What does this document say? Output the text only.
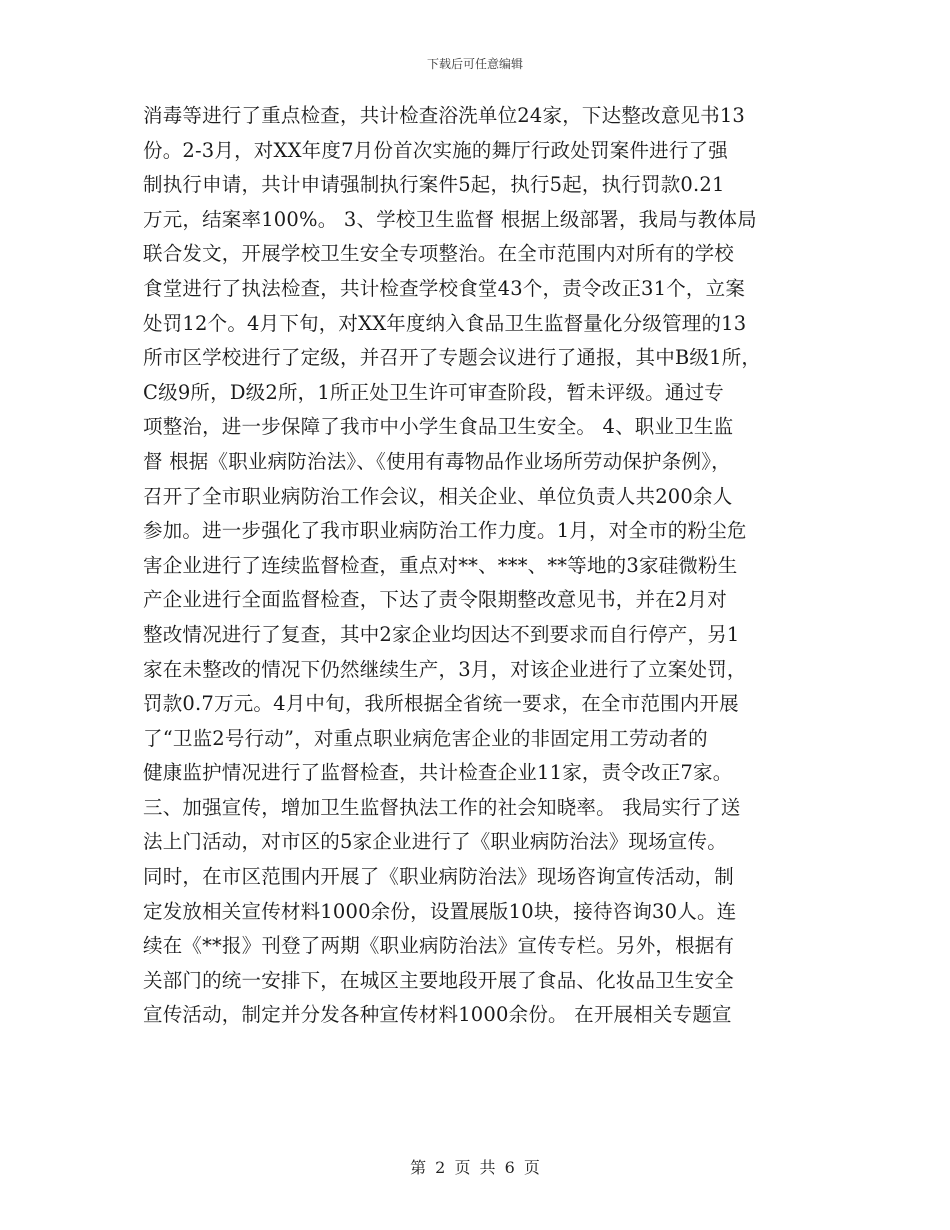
下载后可任意编辑
消毒等进行了重点检查，共计检查浴洗单位24家，下达整改意见书13
份。2-3月，对XX年度7月份首次实施的舞厅行政处罚案件进行了强
制执行申请，共计申请强制执行案件5起，执行5起，执行罚款0.21
万元，结案率100%。 3、学校卫生监督 根据上级部署，我局与教体局
联合发文，开展学校卫生安全专项整治。在全市范围内对所有的学校
食堂进行了执法检查，共计检查学校食堂43个，责令改正31个，立案
处罚12个。4月下旬，对XX年度纳入食品卫生监督量化分级管理的13
所市区学校进行了定级，并召开了专题会议进行了通报，其中B级1所，
C级9所，D级2所，1所正处卫生许可审查阶段，暂未评级。通过专
项整治，进一步保障了我市中小学生食品卫生安全。 4、职业卫生监
督 根据《职业病防治法》、《使用有毒物品作业场所劳动保护条例》，
召开了全市职业病防治工作会议，相关企业、单位负责人共200余人
参加。进一步强化了我市职业病防治工作力度。1月，对全市的粉尘危
害企业进行了连续监督检查，重点对**、***、**等地的3家硅微粉生
产企业进行全面监督检查，下达了责令限期整改意见书，并在2月对
整改情况进行了复查，其中2家企业均因达不到要求而自行停产，另1
家在未整改的情况下仍然继续生产，3月，对该企业进行了立案处罚，
罚款0.7万元。4月中旬，我所根据全省统一要求，在全市范围内开展
了“卫监2号行动”，对重点职业病危害企业的非固定用工劳动者的
健康监护情况进行了监督检查，共计检查企业11家，责令改正7家。
三、加强宣传，增加卫生监督执法工作的社会知晓率。 我局实行了送
法上门活动，对市区的5家企业进行了《职业病防治法》现场宣传。
同时，在市区范围内开展了《职业病防治法》现场咨询宣传活动，制
定发放相关宣传材料1000余份，设置展版10块，接待咨询30人。连
续在《**报》刊登了两期《职业病防治法》宣传专栏。另外，根据有
关部门的统一安排下，在城区主要地段开展了食品、化妆品卫生安全
宣传活动，制定并分发各种宣传材料1000余份。 在开展相关专题宣
第 2 页 共 6 页
